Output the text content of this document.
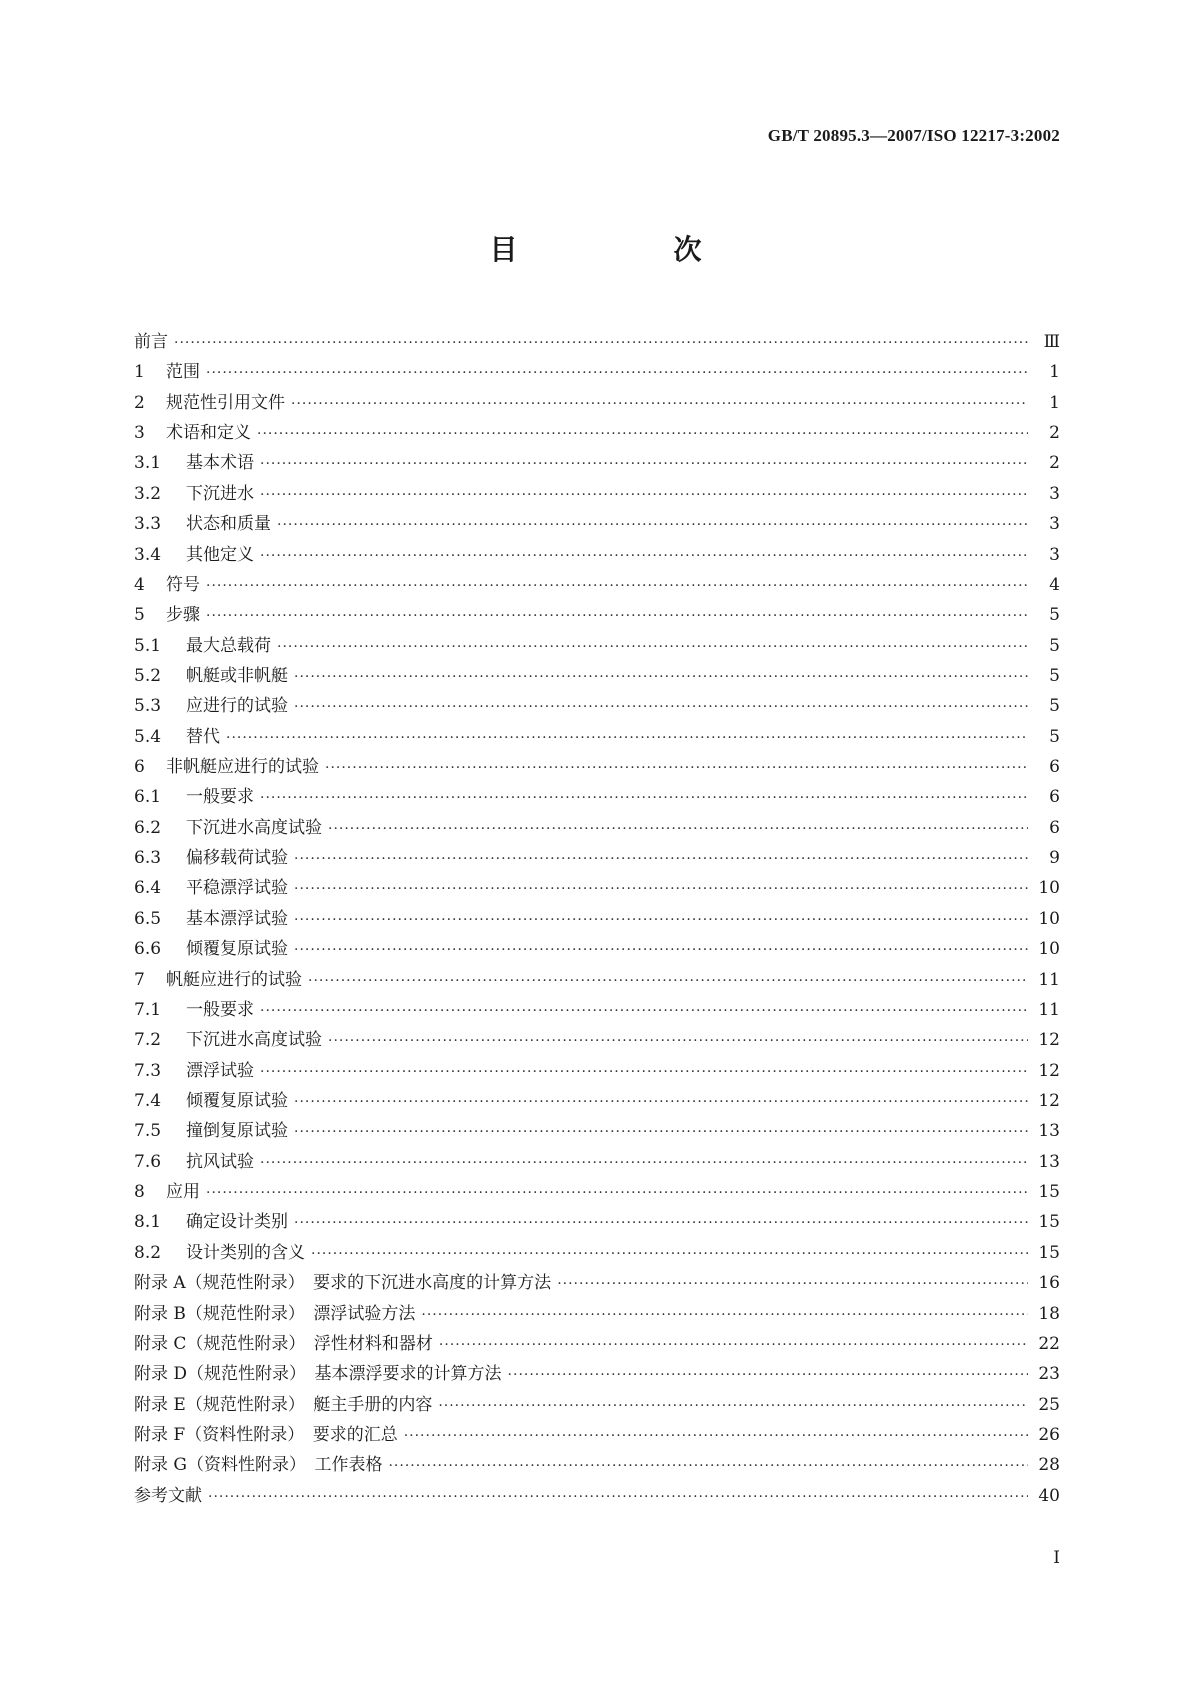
GB/T 20895.3—2007/ISO 12217-3:2002
目　次
前言 ·····	Ⅲ
1 范围 ·····	1
2 规范性引用文件 ·····	1
3 术语和定义 ·····	2
3.1 基本术语 ·····	2
3.2 下沉进水 ·····	3
3.3 状态和质量 ·····	3
3.4 其他定义 ·····	3
4 符号 ·····	4
5 步骤 ·····	5
5.1 最大总载荷 ·····	5
5.2 帆艇或非帆艇 ·····	5
5.3 应进行的试验 ·····	5
5.4 替代 ·····	5
6 非帆艇应进行的试验 ·····	6
6.1 一般要求 ·····	6
6.2 下沉进水高度试验 ·····	6
6.3 偏移载荷试验 ·····	9
6.4 平稳漂浮试验 ·····	10
6.5 基本漂浮试验 ·····	10
6.6 倾覆复原试验 ·····	10
7 帆艇应进行的试验 ·····	11
7.1 一般要求 ·····	11
7.2 下沉进水高度试验 ·····	12
7.3 漂浮试验 ·····	12
7.4 倾覆复原试验 ·····	12
7.5 撞倒复原试验 ·····	13
7.6 抗风试验 ·····	13
8 应用 ·····	15
8.1 确定设计类别 ·····	15
8.2 设计类别的含义 ·····	15
附录 A（规范性附录）　要求的下沉进水高度的计算方法 ·····	16
附录 B（规范性附录）　漂浮试验方法 ·····	18
附录 C（规范性附录）　浮性材料和器材 ·····	22
附录 D（规范性附录）　基本漂浮要求的计算方法 ·····	23
附录 E（规范性附录）　艇主手册的内容 ·····	25
附录 F（资料性附录）　要求的汇总 ·····	26
附录 G（资料性附录）　工作表格 ·····	28
参考文献 ·····	40
Ⅰ
